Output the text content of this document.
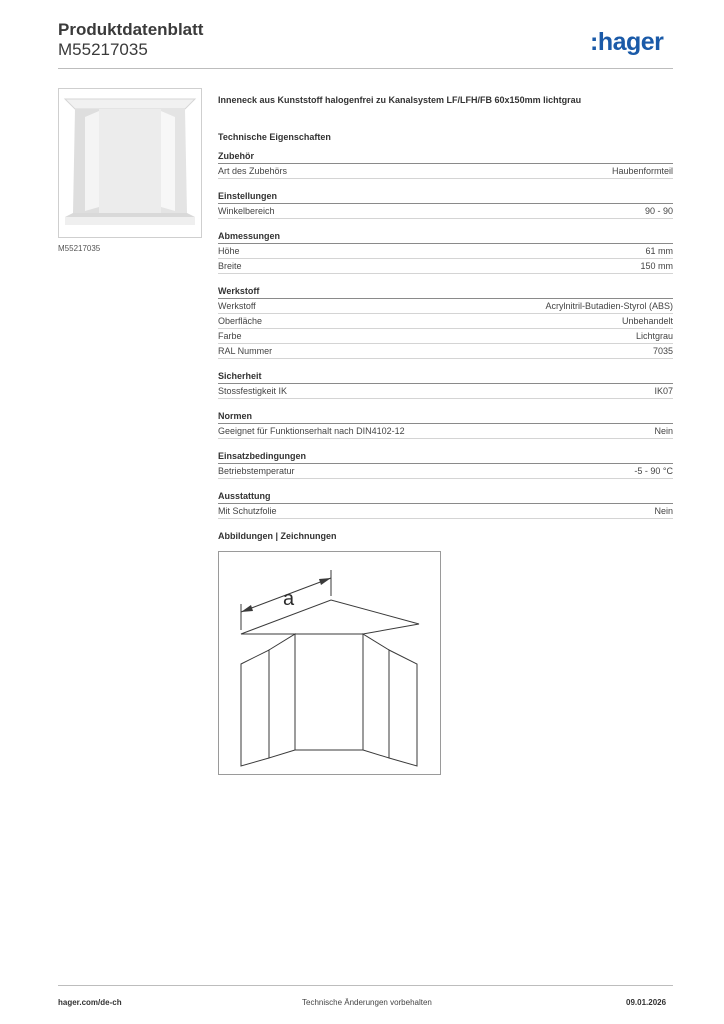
Produktdatenblatt
M55217035	:hager
M55217035
Inneneck aus Kunststoff halogenfrei zu Kanalsystem LF/LFH/FB 60x150mm lichtgrau
Technische Eigenschaften
Zubehör
Art des Zubehörs	Haubenformteil
Einstellungen
Winkelbereich	90 - 90
Abmessungen
Höhe	61 mm
Breite	150 mm
Werkstoff
Werkstoff	Acrylnitril-Butadien-Styrol (ABS)
Oberfläche	Unbehandelt
Farbe	Lichtgrau
RAL Nummer	7035
Sicherheit
Stossfestigkeit IK	IK07
Normen
Geeignet für Funktionserhalt nach DIN4102-12	Nein
Einsatzbedingungen
Betriebstemperatur	-5 - 90 °C
Ausstattung
Mit Schutzfolie	Nein
Abbildungen | Zeichnungen
a
hager.com/de-ch	Technische Änderungen vorbehalten	09.01.2026
